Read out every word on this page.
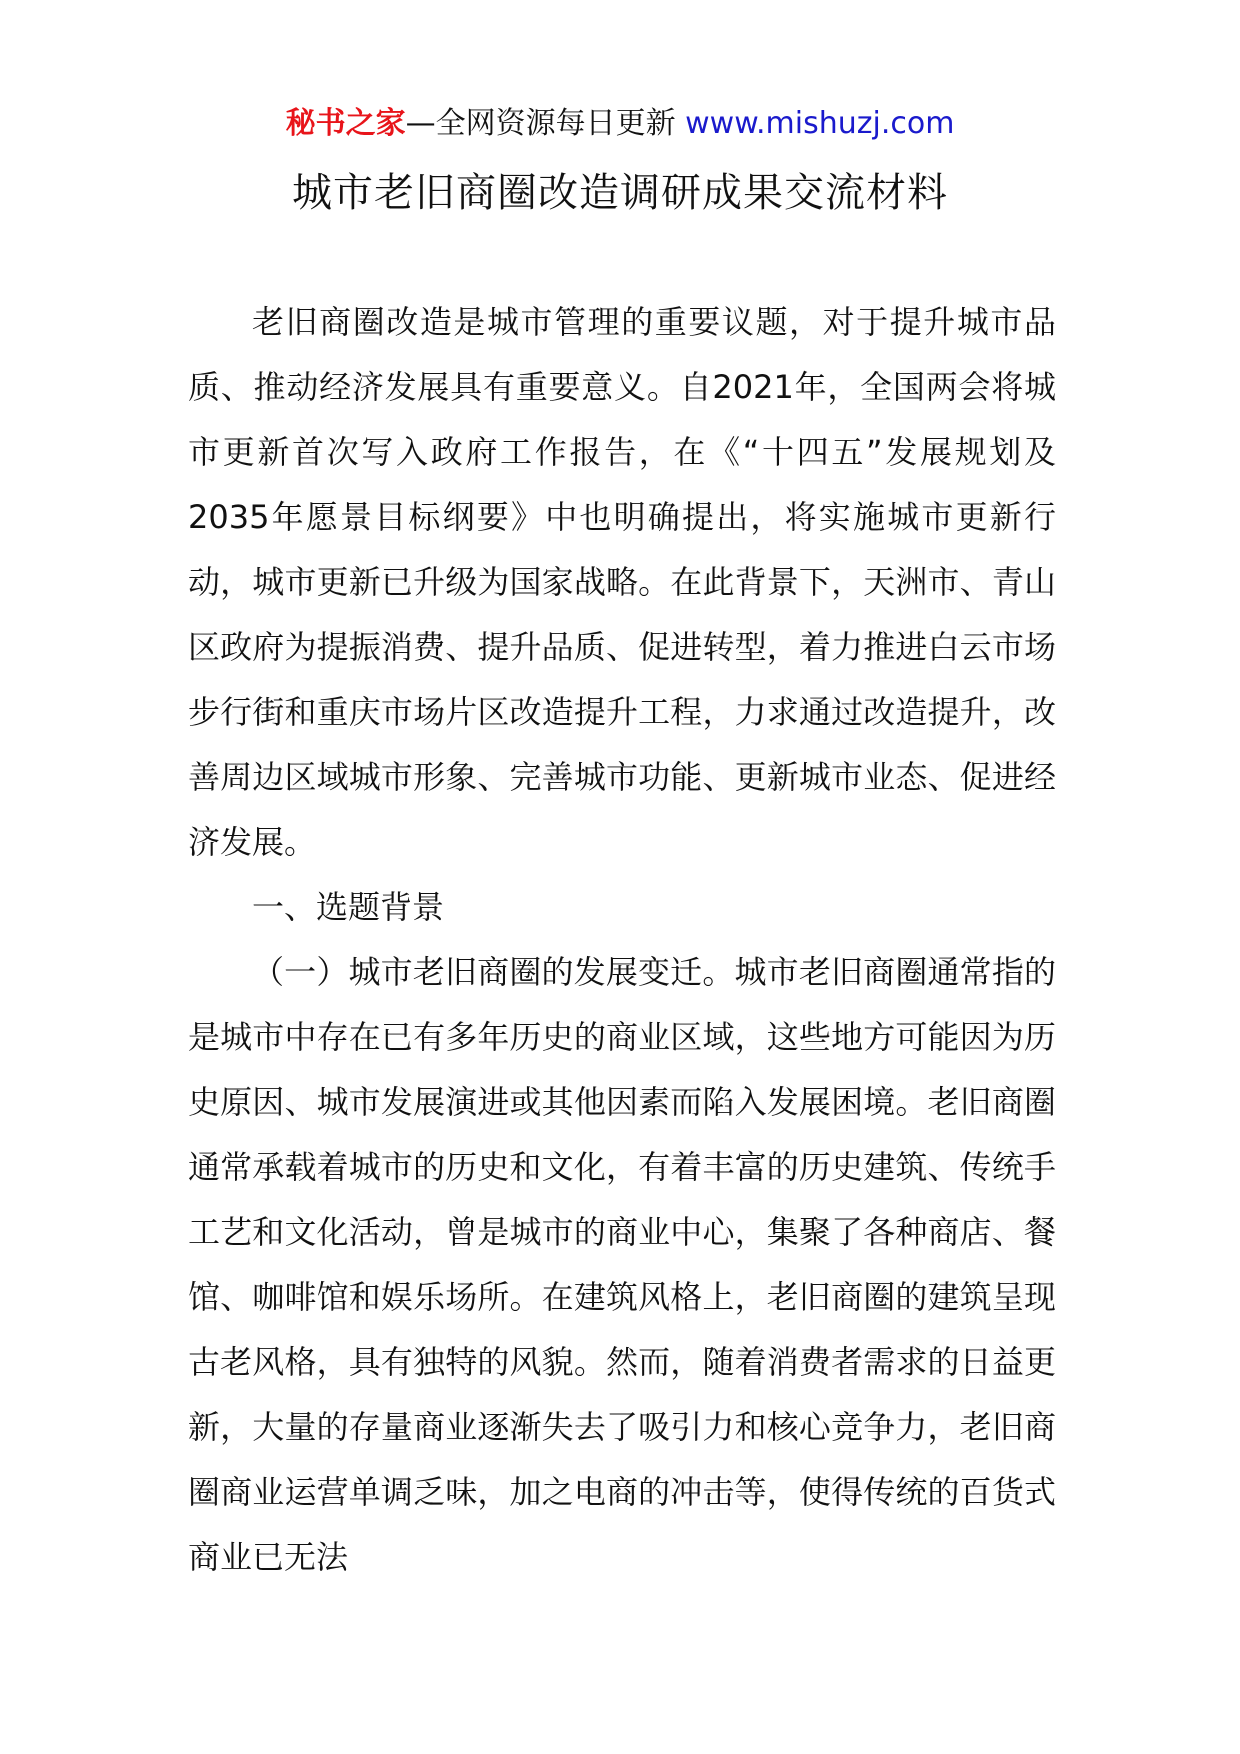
秘书之家—全网资源每日更新 www.mishuzj.com
城市老旧商圈改造调研成果交流材料

老旧商圈改造是城市管理的重要议题，对于提升城市品质、推动经济发展具有重要意义。自2021年，全国两会将城市更新首次写入政府工作报告，在《“十四五”发展规划及2035年愿景目标纲要》中也明确提出，将实施城市更新行动，城市更新已升级为国家战略。在此背景下，天洲市、青山区政府为提振消费、提升品质、促进转型，着力推进白云市场步行街和重庆市场片区改造提升工程，力求通过改造提升，改善周边区域城市形象、完善城市功能、更新城市业态、促进经济发展。

一、选题背景

（一）城市老旧商圈的发展变迁。城市老旧商圈通常指的是城市中存在已有多年历史的商业区域，这些地方可能因为历史原因、城市发展演进或其他因素而陷入发展困境。老旧商圈通常承载着城市的历史和文化，有着丰富的历史建筑、传统手工艺和文化活动，曾是城市的商业中心，集聚了各种商店、餐馆、咖啡馆和娱乐场所。在建筑风格上，老旧商圈的建筑呈现古老风格，具有独特的风貌。然而，随着消费者需求的日益更新，大量的存量商业逐渐失去了吸引力和核心竞争力，老旧商圈商业运营单调乏味，加之电商的冲击等，使得传统的百货式商业已无法
